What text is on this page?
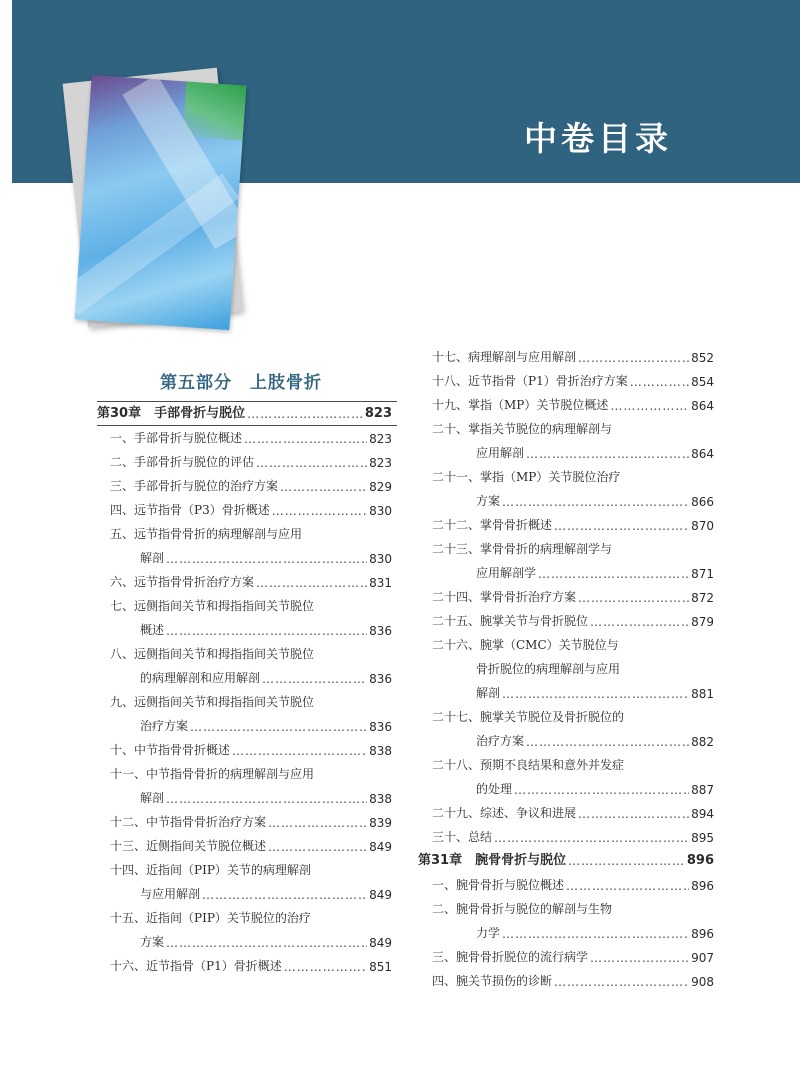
中卷目录
第五部分　上肢骨折
第30章　手部骨折与脱位 …………………………………………………………………………………………………………………………………………	823
一、手部骨折与脱位概述 …………………………………………………………………………………………………………………………………………	823
二、手部骨折与脱位的评估 …………………………………………………………………………………………………………………………………………	823
三、手部骨折与脱位的治疗方案 …………………………………………………………………………………………………………………………………………	829
四、远节指骨（P3）骨折概述 …………………………………………………………………………………………………………………………………………	830
五、远节指骨骨折的病理解剖与应用
解剖 …………………………………………………………………………………………………………………………………………	830
六、远节指骨骨折治疗方案 …………………………………………………………………………………………………………………………………………	831
七、远侧指间关节和拇指指间关节脱位
概述 …………………………………………………………………………………………………………………………………………	836
八、远侧指间关节和拇指指间关节脱位
的病理解剖和应用解剖 …………………………………………………………………………………………………………………………………………	836
九、远侧指间关节和拇指指间关节脱位
治疗方案 …………………………………………………………………………………………………………………………………………	836
十、中节指骨骨折概述 …………………………………………………………………………………………………………………………………………	838
十一、中节指骨骨折的病理解剖与应用
解剖 …………………………………………………………………………………………………………………………………………	838
十二、中节指骨骨折治疗方案 …………………………………………………………………………………………………………………………………………	839
十三、近侧指间关节脱位概述 …………………………………………………………………………………………………………………………………………	849
十四、近指间（PIP）关节的病理解剖
与应用解剖 …………………………………………………………………………………………………………………………………………	849
十五、近指间（PIP）关节脱位的治疗
方案 …………………………………………………………………………………………………………………………………………	849
十六、近节指骨（P1）骨折概述 …………………………………………………………………………………………………………………………………………	851
十七、病理解剖与应用解剖 …………………………………………………………………………………………………………………………………………	852
十八、近节指骨（P1）骨折治疗方案 …………………………………………………………………………………………………………………………………………	854
十九、掌指（MP）关节脱位概述 …………………………………………………………………………………………………………………………………………	864
二十、掌指关节脱位的病理解剖与
应用解剖 …………………………………………………………………………………………………………………………………………	864
二十一、掌指（MP）关节脱位治疗
方案 …………………………………………………………………………………………………………………………………………	866
二十二、掌骨骨折概述 …………………………………………………………………………………………………………………………………………	870
二十三、掌骨骨折的病理解剖学与
应用解剖学 …………………………………………………………………………………………………………………………………………	871
二十四、掌骨骨折治疗方案 …………………………………………………………………………………………………………………………………………	872
二十五、腕掌关节与骨折脱位 …………………………………………………………………………………………………………………………………………	879
二十六、腕掌（CMC）关节脱位与
骨折脱位的病理解剖与应用
解剖 …………………………………………………………………………………………………………………………………………	881
二十七、腕掌关节脱位及骨折脱位的
治疗方案 …………………………………………………………………………………………………………………………………………	882
二十八、预期不良结果和意外并发症
的处理 …………………………………………………………………………………………………………………………………………	887
二十九、综述、争议和进展 …………………………………………………………………………………………………………………………………………	894
三十、总结 …………………………………………………………………………………………………………………………………………	895
第31章　腕骨骨折与脱位 …………………………………………………………………………………………………………………………………………	896
一、腕骨骨折与脱位概述 …………………………………………………………………………………………………………………………………………	896
二、腕骨骨折与脱位的解剖与生物
力学 …………………………………………………………………………………………………………………………………………	896
三、腕骨骨折脱位的流行病学 …………………………………………………………………………………………………………………………………………	907
四、腕关节损伤的诊断 …………………………………………………………………………………………………………………………………………	908
